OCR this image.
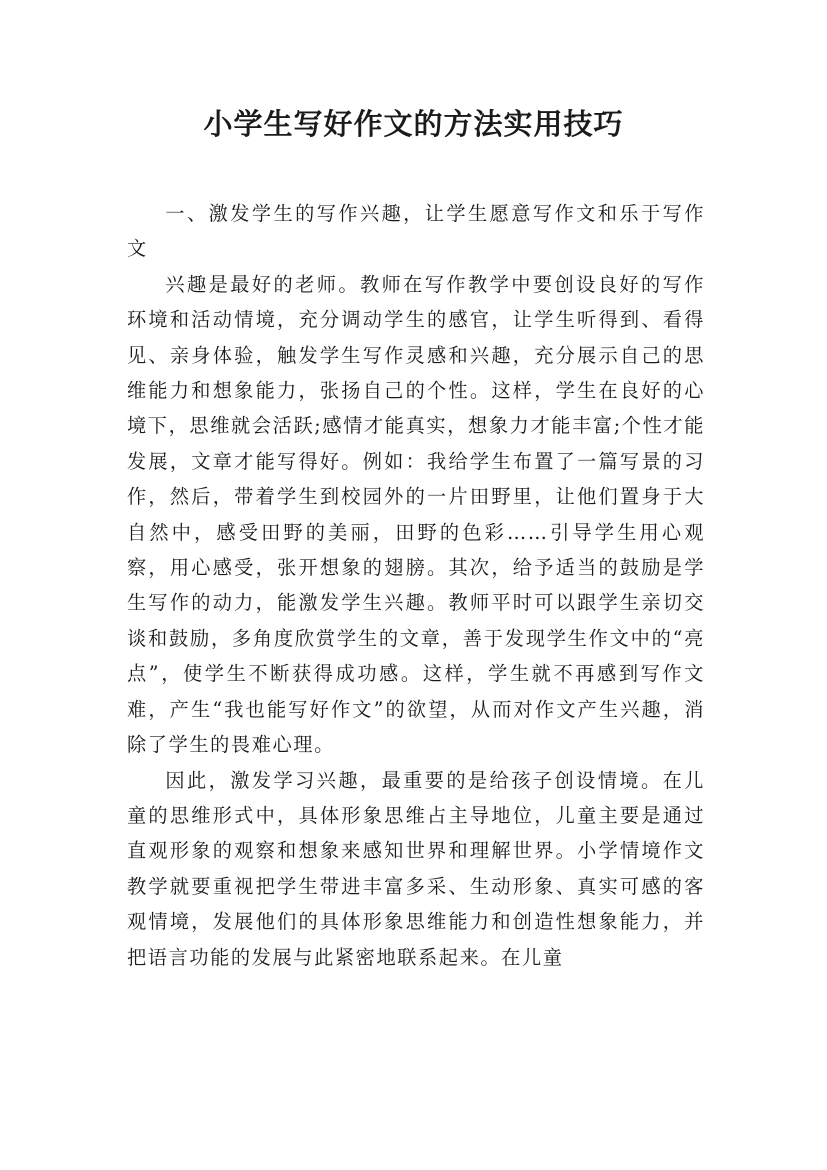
小学生写好作文的方法实用技巧

一、激发学生的写作兴趣，让学生愿意写作文和乐于写作文

兴趣是最好的老师。教师在写作教学中要创设良好的写作环境和活动情境，充分调动学生的感官，让学生听得到、看得见、亲身体验，触发学生写作灵感和兴趣，充分展示自己的思维能力和想象能力，张扬自己的个性。这样，学生在良好的心境下，思维就会活跃;感情才能真实，想象力才能丰富;个性才能发展，文章才能写得好。例如：我给学生布置了一篇写景的习作，然后，带着学生到校园外的一片田野里，让他们置身于大自然中，感受田野的美丽，田野的色彩……引导学生用心观察，用心感受，张开想象的翅膀。其次，给予适当的鼓励是学生写作的动力，能激发学生兴趣。教师平时可以跟学生亲切交谈和鼓励，多角度欣赏学生的文章，善于发现学生作文中的“亮点”，使学生不断获得成功感。这样，学生就不再感到写作文难，产生“我也能写好作文”的欲望，从而对作文产生兴趣，消除了学生的畏难心理。

因此，激发学习兴趣，最重要的是给孩子创设情境。在儿童的思维形式中，具体形象思维占主导地位，儿童主要是通过直观形象的观察和想象来感知世界和理解世界。小学情境作文教学就要重视把学生带进丰富多采、生动形象、真实可感的客观情境，发展他们的具体形象思维能力和创造性想象能力，并把语言功能的发展与此紧密地联系起来。在儿童
